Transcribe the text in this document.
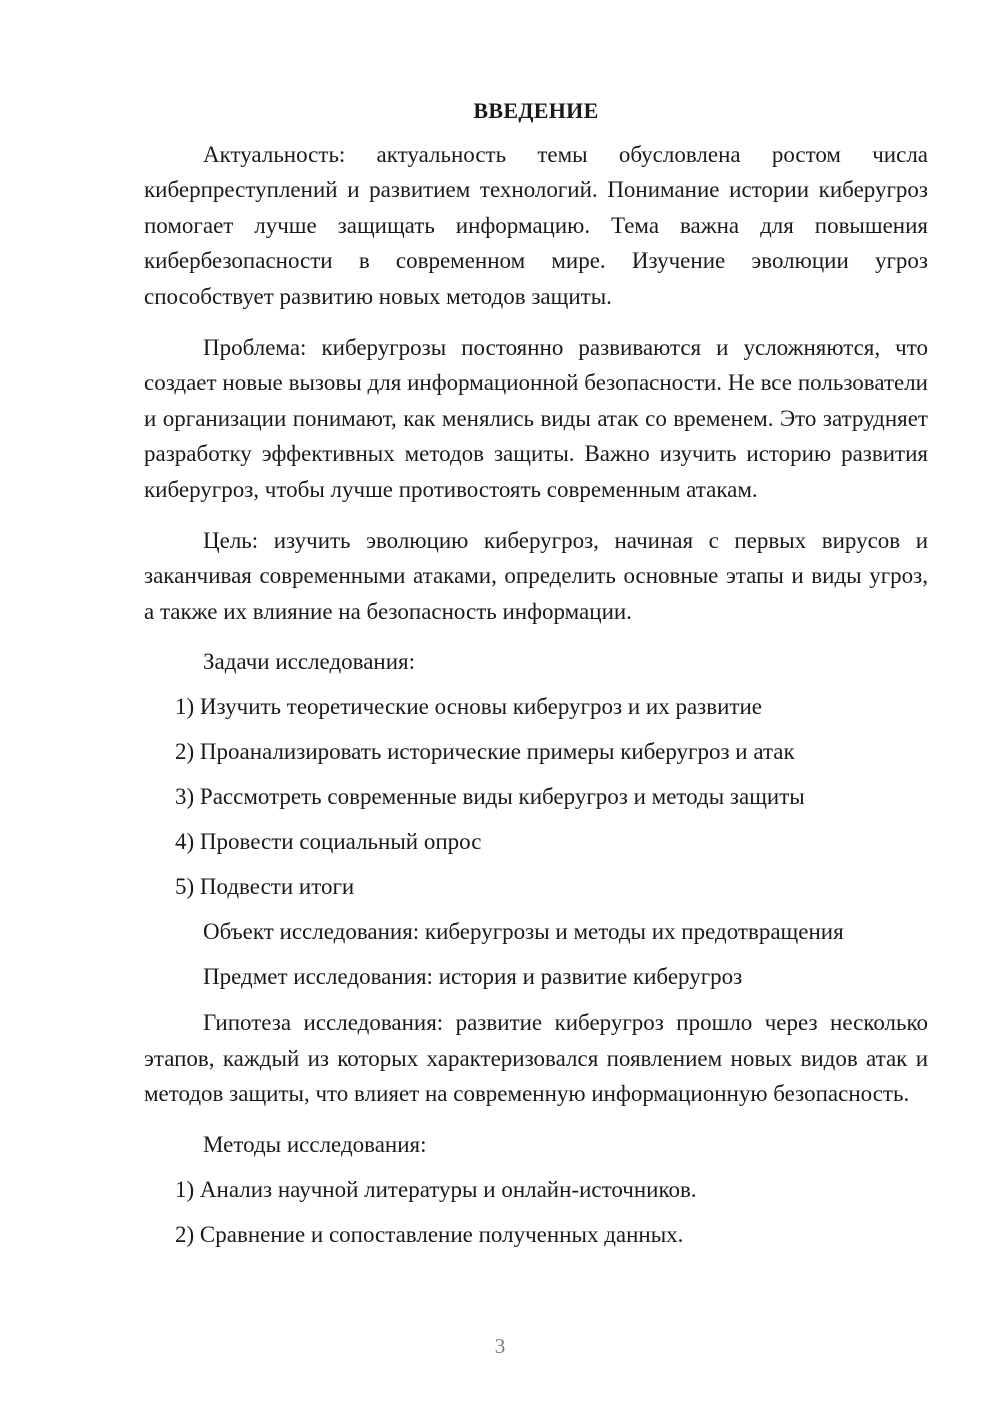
ВВЕДЕНИЕ

Актуальность: актуальность темы обусловлена ростом числа киберпреступлений и развитием технологий. Понимание истории киберугроз помогает лучше защищать информацию. Тема важна для повышения кибербезопасности в современном мире. Изучение эволюции угроз способствует развитию новых методов защиты.

Проблема: киберугрозы постоянно развиваются и усложняются, что создает новые вызовы для информационной безопасности. Не все пользователи и организации понимают, как менялись виды атак со временем. Это затрудняет разработку эффективных методов защиты. Важно изучить историю развития киберугроз, чтобы лучше противостоять современным атакам.

Цель: изучить эволюцию киберугроз, начиная с первых вирусов и заканчивая современными атаками, определить основные этапы и виды угроз, а также их влияние на безопасность информации.

Задачи исследования:
1) Изучить теоретические основы киберугроз и их развитие
2) Проанализировать исторические примеры киберугроз и атак
3) Рассмотреть современные виды киберугроз и методы защиты
4) Провести социальный опрос
5) Подвести итоги
Объект исследования: киберугрозы и методы их предотвращения
Предмет исследования: история и развитие киберугроз

Гипотеза исследования: развитие киберугроз прошло через несколько этапов, каждый из которых характеризовался появлением новых видов атак и методов защиты, что влияет на современную информационную безопасность.

Методы исследования:
1) Анализ научной литературы и онлайн-источников.
2) Сравнение и сопоставление полученных данных.
3
